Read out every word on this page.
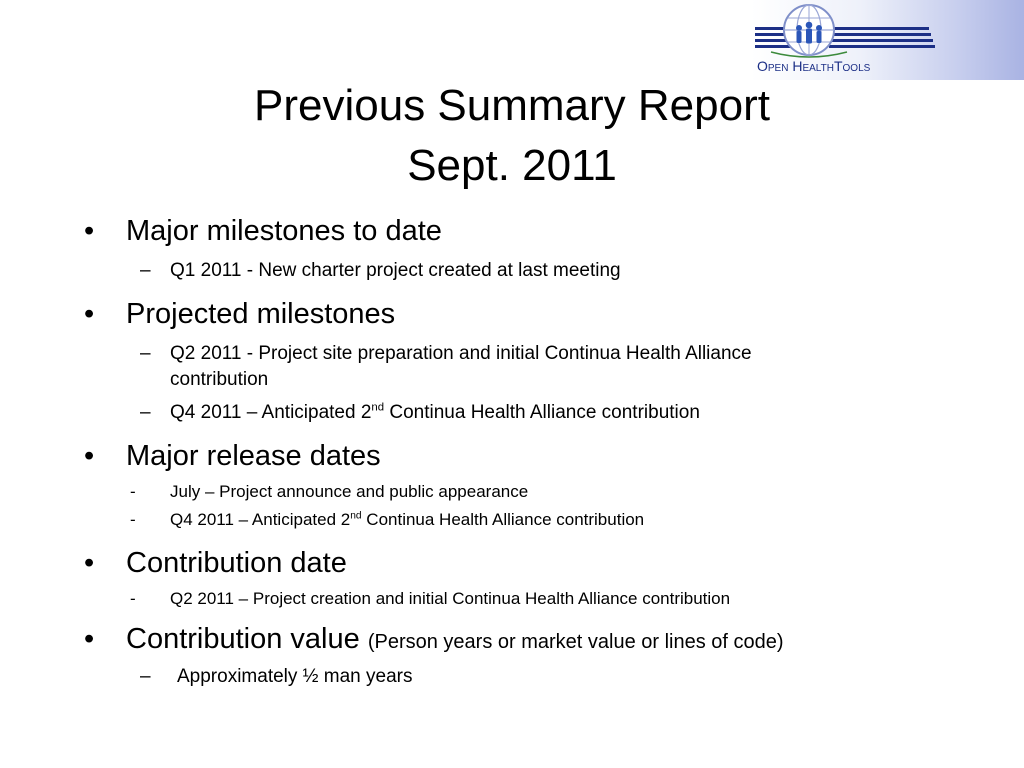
OPEN HEALTHTOOLS
Previous Summary Report
Sept. 2011
•	Major milestones to date
– Q1 2011 - New charter project created at last meeting
•	Projected milestones
– Q2 2011 - Project site preparation and initial Continua Health Alliance
contribution
– Q4 2011 – Anticipated 2nd Continua Health Alliance contribution
•	Major release dates
- July – Project announce and public appearance
- Q4 2011 – Anticipated 2nd Continua Health Alliance contribution
•	Contribution date
- Q2 2011 – Project creation and initial Continua Health Alliance contribution
•	Contribution value (Person years or market value or lines of code)
– Approximately ½ man years
